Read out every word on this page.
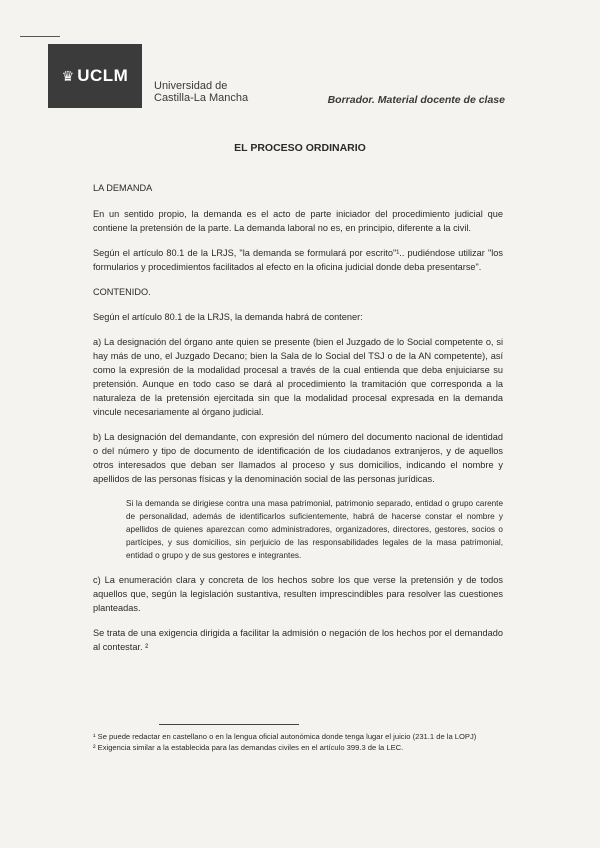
♛ UCLM
Universidad de
Castilla-La Mancha	Borrador. Material docente de clase
EL PROCESO ORDINARIO

LA DEMANDA

En un sentido propio, la demanda es el acto de parte iniciador del procedimiento judicial que contiene la pretensión de la parte. La demanda laboral no es, en principio, diferente a la civil.

Según el artículo 80.1 de la LRJS, "la demanda se formulará por escrito"¹.. pudiéndose utilizar "los formularios y procedimientos facilitados al efecto en la oficina judicial donde deba presentarse".

CONTENIDO.

Según el artículo 80.1 de la LRJS, la demanda habrá de contener:

a) La designación del órgano ante quien se presente (bien el Juzgado de lo Social competente o, si hay más de uno, el Juzgado Decano; bien la Sala de lo Social del TSJ o de la AN competente), así como la expresión de la modalidad procesal a través de la cual entienda que deba enjuiciarse su pretensión. Aunque en todo caso se dará al procedimiento la tramitación que corresponda a la naturaleza de la pretensión ejercitada sin que la modalidad procesal expresada en la demanda vincule necesariamente al órgano judicial.

b) La designación del demandante, con expresión del número del documento nacional de identidad o del número y tipo de documento de identificación de los ciudadanos extranjeros, y de aquellos otros interesados que deban ser llamados al proceso y sus domicilios, indicando el nombre y apellidos de las personas físicas y la denominación social de las personas jurídicas.

Si la demanda se dirigiese contra una masa patrimonial, patrimonio separado, entidad o grupo carente de personalidad, además de identificarlos suficientemente, habrá de hacerse constar el nombre y apellidos de quienes aparezcan como administradores, organizadores, directores, gestores, socios o partícipes, y sus domicilios, sin perjuicio de las responsabilidades legales de la masa patrimonial, entidad o grupo y de sus gestores e integrantes.

c) La enumeración clara y concreta de los hechos sobre los que verse la pretensión y de todos aquellos que, según la legislación sustantiva, resulten imprescindibles para resolver las cuestiones planteadas.

Se trata de una exigencia dirigida a facilitar la admisión o negación de los hechos por el demandado al contestar. ²

¹ Se puede redactar en castellano o en la lengua oficial autonómica donde tenga lugar el juicio (231.1 de la LOPJ)

² Exigencia similar a la establecida para las demandas civiles en el artículo 399.3 de la LEC.
